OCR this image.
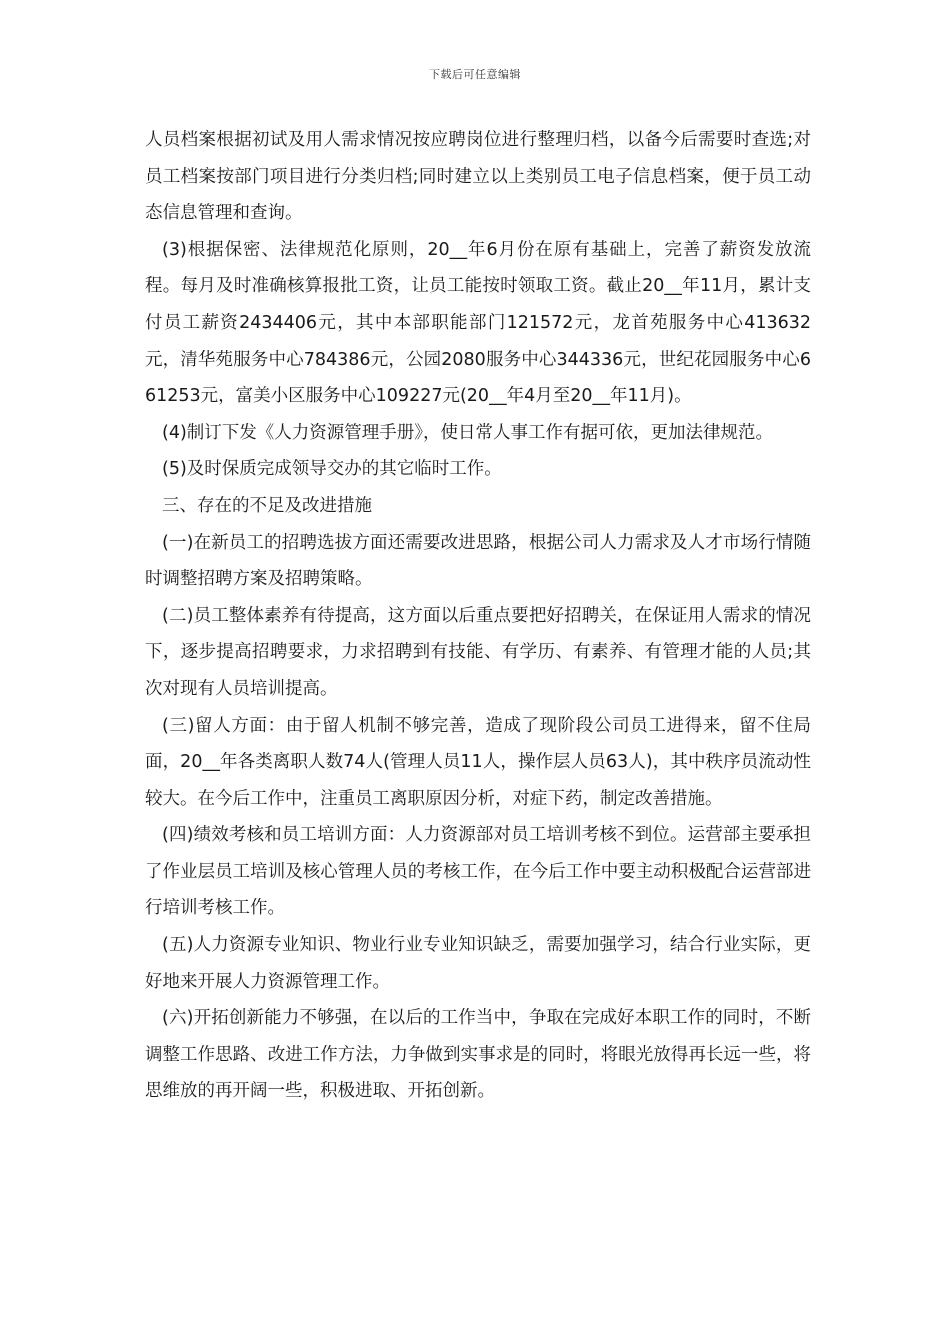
下载后可任意编辑

人员档案根据初试及用人需求情况按应聘岗位进行整理归档，以备今后需要时查选;对员工档案按部门项目进行分类归档;同时建立以上类别员工电子信息档案，便于员工动态信息管理和查询。

(3)根据保密、法律规范化原则，20__年6月份在原有基础上，完善了薪资发放流程。每月及时准确核算报批工资，让员工能按时领取工资。截止20__年11月，累计支付员工薪资2434406元，其中本部职能部门121572元，龙首苑服务中心413632元，清华苑服务中心784386元，公园2080服务中心344336元，世纪花园服务中心661253元，富美小区服务中心109227元(20__年4月至20__年11月)。

(4)制订下发《人力资源管理手册》，使日常人事工作有据可依，更加法律规范。

(5)及时保质完成领导交办的其它临时工作。

三、存在的不足及改进措施

(一)在新员工的招聘选拔方面还需要改进思路，根据公司人力需求及人才市场行情随时调整招聘方案及招聘策略。

(二)员工整体素养有待提高，这方面以后重点要把好招聘关，在保证用人需求的情况下，逐步提高招聘要求，力求招聘到有技能、有学历、有素养、有管理才能的人员;其次对现有人员培训提高。

(三)留人方面：由于留人机制不够完善，造成了现阶段公司员工进得来，留不住局面，20__年各类离职人数74人(管理人员11人，操作层人员63人)，其中秩序员流动性较大。在今后工作中，注重员工离职原因分析，对症下药，制定改善措施。

(四)绩效考核和员工培训方面：人力资源部对员工培训考核不到位。运营部主要承担了作业层员工培训及核心管理人员的考核工作，在今后工作中要主动积极配合运营部进行培训考核工作。

(五)人力资源专业知识、物业行业专业知识缺乏，需要加强学习，结合行业实际，更好地来开展人力资源管理工作。

(六)开拓创新能力不够强，在以后的工作当中，争取在完成好本职工作的同时，不断调整工作思路、改进工作方法，力争做到实事求是的同时，将眼光放得再长远一些，将思维放的再开阔一些，积极进取、开拓创新。
